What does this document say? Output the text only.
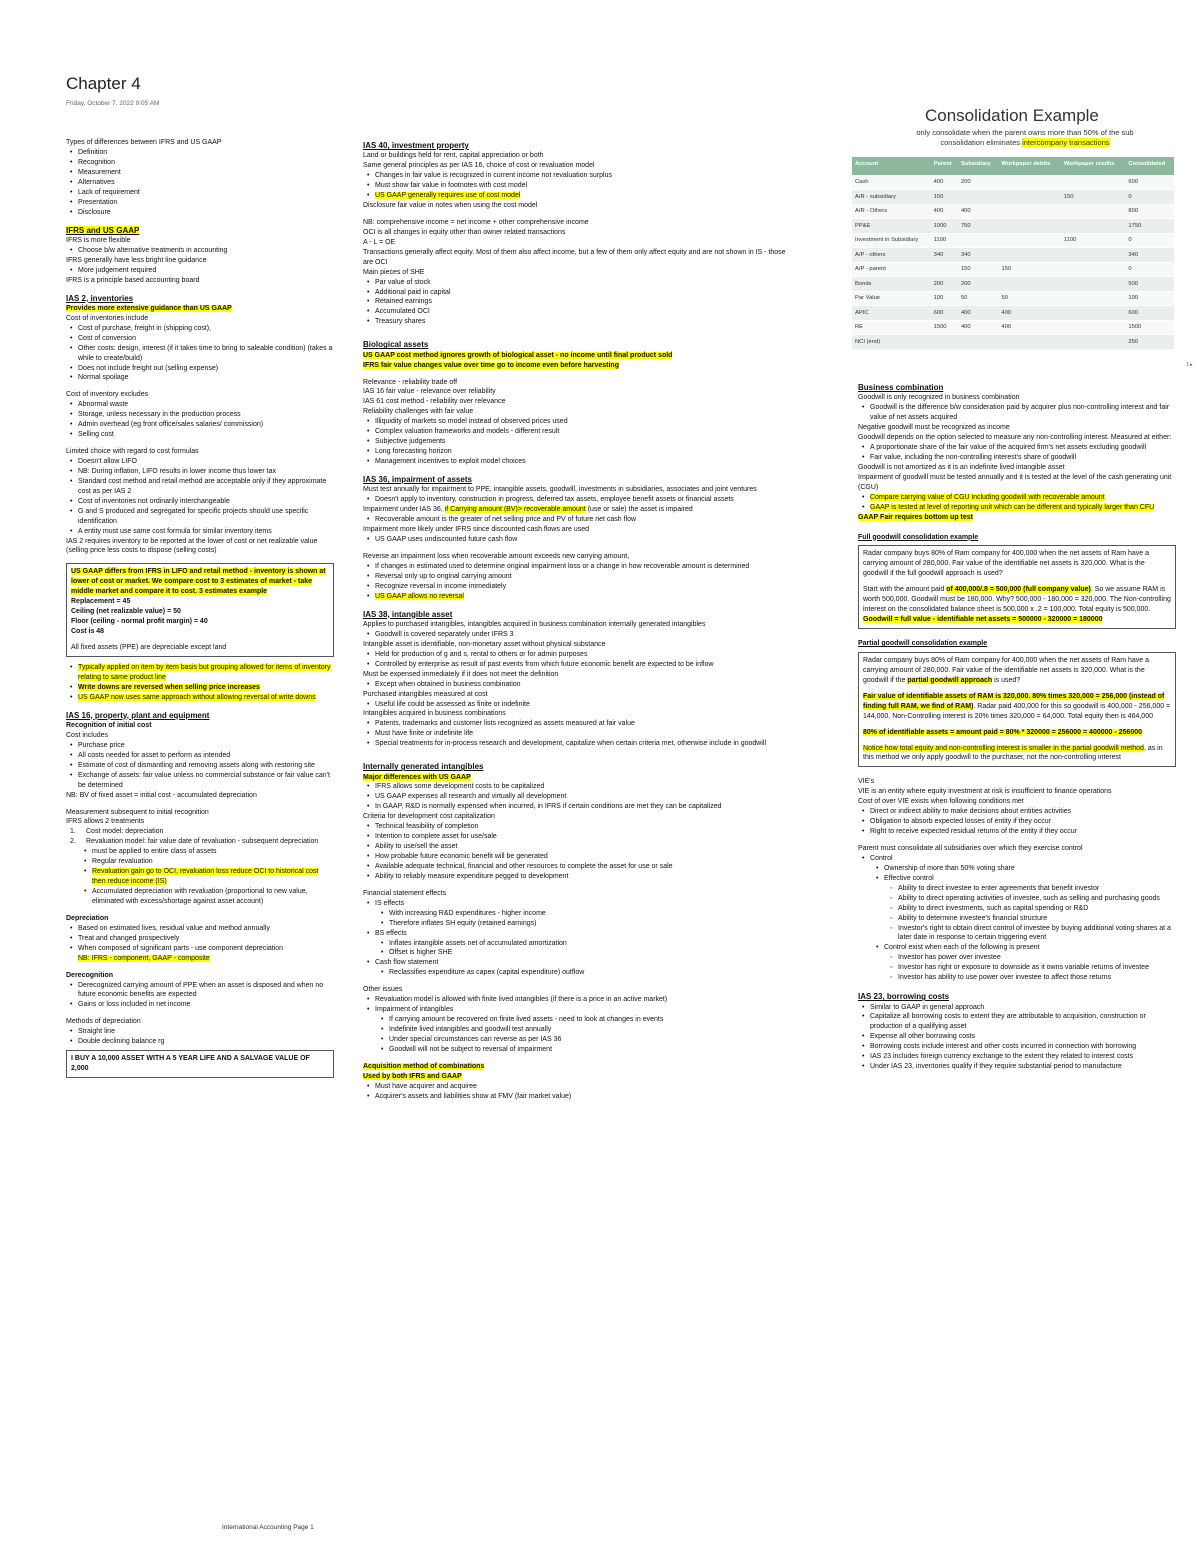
Chapter 4
Friday, October 7, 2022 9:05 AM
Types of differences between IFRS and US GAAP
• Definition
• Recognition
• Measurement
• Alternatives
• Lack of requirement
• Presentation
• Disclosure
IFRS and US GAAP
IFRS is more flexible
• Choose b/w alternative treatments in accounting
IFRS generally have less bright line guidance
• More judgement required
IFRS is a principle based accounting board
IAS 2, inventories
Provides more extensive guidance than US GAAP
Cost of inventories include
• Cost of purchase, freight in (shipping cost),
• Cost of conversion
• Other costs: design, interest (if it takes time to bring to saleable condition) (takes a while to create/build)
• Does not include freight out (selling expense)
• Normal spoilage
Cost of inventory excludes
• Abnormal waste
• Storage, unless necessary in the production process
• Admin overhead (eg front office/sales salaries/ commission)
• Selling cost
Limited choice with regard to cost formulas
• Doesn't allow LIFO
• NB: During inflation, LIFO results in lower income thus lower tax
• Standard cost method and retail method are acceptable only if they approximate cost as per IAS 2
• Cost of inventories not ordinarily interchangeable
• G and S produced and segregated for specific projects should use specific identification
• A entity must use same cost formula for similar inventory items
IAS 2 requires inventory to be reported at the lower of cost or net realizable value (selling price less costs to dispose (selling costs)
US GAAP differs from IFRS in LIFO and retail method - inventory is shown at lower of cost or market. We compare cost to 3 estimates of market - take middle market and compare it to cost. 3 estimates example
Replacement = 45
Ceiling (net realizable value) = 50
Floor (ceiling - normal profit margin) = 40
Cost is 48
All fixed assets (PPE) are depreciable except land
• Typically applied on item by item basis but grouping allowed for items of inventory relating to same product line
• Write downs are reversed when selling price increases
• US GAAP now uses same approach without allowing reversal of write downs
IAS 16, property, plant and equipment
Recognition of initial cost
Cost includes
• Purchase price
• All costs needed for asset to perform as intended
• Estimate of cost of dismantling and removing assets along with restoring site
• Exchange of assets: fair value unless no commercial substance or fair value can't be determined
NB: BV of fixed asset = initial cost - accumulated depreciation
Measurement subsequent to initial recognition
IFRS allows 2 treatments
1. Cost model: depreciation
2. Revaluation model: fair value date of revaluation - subsequent depreciation
• must be applied to entire class of assets
• Regular revaluation
• Revaluation gain go to OCI, revaluation loss reduce OCI to historical cost then reduce income (IS)
• Accumulated depreciation with revaluation (proportional to new value, eliminated with excess/shortage against asset account)
Depreciation
• Based on estimated lives, residual value and method annually
• Treat and changed prospectively
• When composed of significant parts - use component depreciation
NB: IFRS - component, GAAP - composite
Derecognition
• Derecognized carrying amount of PPE when an asset is disposed and when no future economic benefits are expected
• Gains or loss included in net income
Methods of depreciation
• Straight line
• Double declining balance rg
I BUY A 10,000 ASSET WITH A 5 YEAR LIFE AND A SALVAGE VALUE OF 2,000
IAS 40, investment property
Land or buildings held for rent, capital appreciation or both
Same general principles as per IAS 16, choice of cost or revaluation model
• Changes in fair value is recognized in current income not revaluation surplus
• Must show fair value in footnotes with cost model
• US GAAP generally requires use of cost model
Disclosure fair value in notes when using the cost model
NB: comprehensive income = net income + other comprehensive income
OCI is all changes in equity other than owner related transactions
A - L = OE
Transactions generally affect equity. Most of them also affect income, but a few of them only affect equity and are not shown in IS - those are OCI
Main pieces of SHE
• Par value of stock
• Additional paid in capital
• Retained earnings
• Accumulated OCI
• Treasury shares
Biological assets
US GAAP cost method ignores growth of biological asset - no income until final product sold
IFRS fair value changes value over time go to income even before harvesting
Relevance - reliability trade off
IAS 16 fair value - relevance over reliability
IAS 61 cost method - reliability over relevance
Reliability challenges with fair value
• Illiquidity of markets so model instead of observed prices used
• Complex valuation frameworks and models - different result
• Subjective judgements
• Long forecasting horizon
• Management incentives to exploit model choices
IAS 36, impairment of assets
Must test annually for impairment to PPE, intangible assets, goodwill, investments in subsidiaries, associates and joint ventures
• Doesn't apply to inventory, construction in progress, deferred tax assets, employee benefit assets or financial assets
Impairment under IAS 36, if Carrying amount (BV)> recoverable amount (use or sale) the asset is impaired
• Recoverable amount is the greater of net selling price and PV of future net cash flow
Impairment more likely under IFRS since discounted cash flows are used
• US GAAP uses undiscounted future cash flow
Reverse an impairment loss when recoverable amount exceeds new carrying amount,
• If changes in estimated used to determine original impairment loss or a change in how recoverable amount is determined
• Reversal only up to original carrying amount
• Recognize reversal in income immediately
• US GAAP allows no reversal
IAS 38, intangible asset
Applies to purchased intangibles, intangibles acquired in business combination internally generated intangibles
• Goodwill is covered separately under IFRS 3
Intangible asset is identifiable, non-monetary asset without physical substance
• Held for production of g and s, rental to others or for admin purposes
• Controlled by enterprise as result of past events from which future economic benefit are expected to be inflow
Must be expensed immediately if it does not meet the definition
• Except when obtained in business combination
Purchased intangibles measured at cost
• Useful life could be assessed as finite or indefinite
Intangibles acquired in business combinations
• Patents, trademarks and customer lists recognized as assets measured at fair value
• Must have finite or indefinite life
• Special treatments for in-process research and development, capitalize when certain criteria met, otherwise include in goodwill
Internally generated intangibles
Major differences with US GAAP
• IFRS allows some development costs to be capitalized
• US GAAP expenses all research and virtually all development
• In GAAP, R&D is normally expensed when incurred, in IFRS if certain conditions are met they can be capitalized
Criteria for development cost capitalization
• Technical feasibility of completion
• Intention to complete asset for use/sale
• Ability to use/sell the asset
• How probable future economic benefit will be generated
• Available adequate technical, financial and other resources to complete the asset for use or sale
• Ability to reliably measure expenditure pegged to development
Financial statement effects
• IS effects
• With increasing R&D expenditures - higher income
• Therefore inflates SH equity (retained earnings)
• BS effects
• Inflates intangible assets net of accumulated amortization
• Offset is higher SHE
• Cash flow statement
• Reclassifies expenditure as capex (capital expenditure) outflow
Other issues
• Revaluation model is allowed with finite lived intangibles (if there is a price in an active market)
• Impairment of intangibles
• If carrying amount be recovered on finite lived assets - need to look at changes in events
• Indefinite lived intangibles and goodwill test annually
• Under special circumstances can reverse as per IAS 36
• Goodwill will not be subject to reversal of impairment
Acquisition method of combinations
Used by both IFRS and GAAP
• Must have acquirer and acquiree
• Acquirer's assets and liabilities show at FMV (fair market value)
Consolidation Example
only consolidate when the parent owns more than 50% of the sub
consolidation eliminates intercompany transactions
Account	Parent	Subsidiary	Workpaper debits	Workpaper credits	Consolidated
Cash	400	200			600
A/R - subsidiary	150			150	0
A/R - Others	400	400			800
PP&E	1000	750			1750
Investment in Subsidiary	1100			1100	0
A/P - others	340	340			340
A/P - parent		150	150		0
Bonds	200	200			500
Par Value	100	50	50		100
APIC	600	400	400		600
RE	1500	400	400		1500
NCI (end)					250
1 ▸
Business combination
Goodwill is only recognized in business combination
• Goodwill is the difference b/w consideration paid by acquirer plus non-controlling interest and fair value of net assets acquired
Negative goodwill must be recognized as income
Goodwill depends on the option selected to measure any non-controlling interest. Measured at either:
• A proportionate share of the fair value of the acquired firm's net assets excluding goodwill
• Fair value, including the non-controlling interest's share of goodwill
Goodwill is not amortized as it is an indefinite lived intangible asset
Impairment of goodwill must be tested annually and it is tested at the level of the cash generating unit (CGU)
• Compare carrying value of CGU including goodwill with recoverable amount
• GAAP is tested at level of reporting unit which can be different and typically larger than CFU
GAAP Fair requires bottom up test
Full goodwill consolidation example
Radar company buys 80% of Ram company for 400,000 when the net assets of Ram have a carrying amount of 280,000. Fair value of the identifiable net assets is 320,000. What is the goodwill if the full goodwill approach is used?
Start with the amount paid of 400,000/.8 = 500,000 (full company value). So we assume RAM is worth 500,000. Goodwill must be 180,000. Why? 500,000 - 180,000 = 320,000. The Non-controlling interest on the consolidated balance sheet is 500,000 x .2 = 100,000. Total equity is 500,000. Goodwill = full value - identifiable net assets = 500000 - 320000 = 180000
Partial goodwill consolidation example
Radar company buys 80% of Ram company for 400,000 when the net assets of Ram have a carrying amount of 280,000. Fair value of the identifiable net assets is 320,000. What is the goodwill if the partial goodwill approach is used?
Fair value of identifiable assets of RAM is 320,000. 80% times 320,000 = 256,000 (instead of finding full RAM, we find of RAM). Radar paid 400,000 for this so goodwill is 400,000 - 256,000 = 144,000. Non-Controlling interest is 20% times 320,000 = 64,000. Total equity then is 464,000
80% of identifiable assets = amount paid = 80% * 320000 = 256000 = 400000 - 256000
Notice how total equity and non-controlling interest is smaller in the partial goodwill method, as in this method we only apply goodwill to the purchaser, not the non-controlling interest
VIE's
VIE is an entity where equity investment at risk is insufficient to finance operations
Cost of over VIE exists when following conditions met
• Direct or indirect ability to make decisions about entities activities
• Obligation to absorb expected losses of entity if they occur
• Right to receive expected residual returns of the entity if they occur
Parent must consolidate all subsidiaries over which they exercise control
• Control
• Ownership of more than 50% voting share
• Effective control
◦ Ability to direct investee to enter agreements that benefit investor
◦ Ability to direct operating activities of investee, such as selling and purchasing goods
◦ Ability to direct investments, such as capital spending or R&D
◦ Ability to determine investee's financial structure
◦ Investor's right to obtain direct control of investee by buying additional voting shares at a later date in response to certain triggering event
• Control exist when each of the following is present
◦ Investor has power over investee
◦ Investor has right or exposure to downside as it owns variable returns of investee
◦ Investor has ability to use power over investee to affect those returns
IAS 23, borrowing costs
• Similar to GAAP in general approach
• Capitalize all borrowing costs to extent they are attributable to acquisition, construction or production of a qualifying asset
• Expense all other borrowing costs
• Borrowing costs include interest and other costs incurred in connection with borrowing
• IAS 23 includes foreign currency exchange to the extent they related to interest costs
• Under IAS 23, inventories qualify if they require substantial period to manufacture
International Accounting Page 1
